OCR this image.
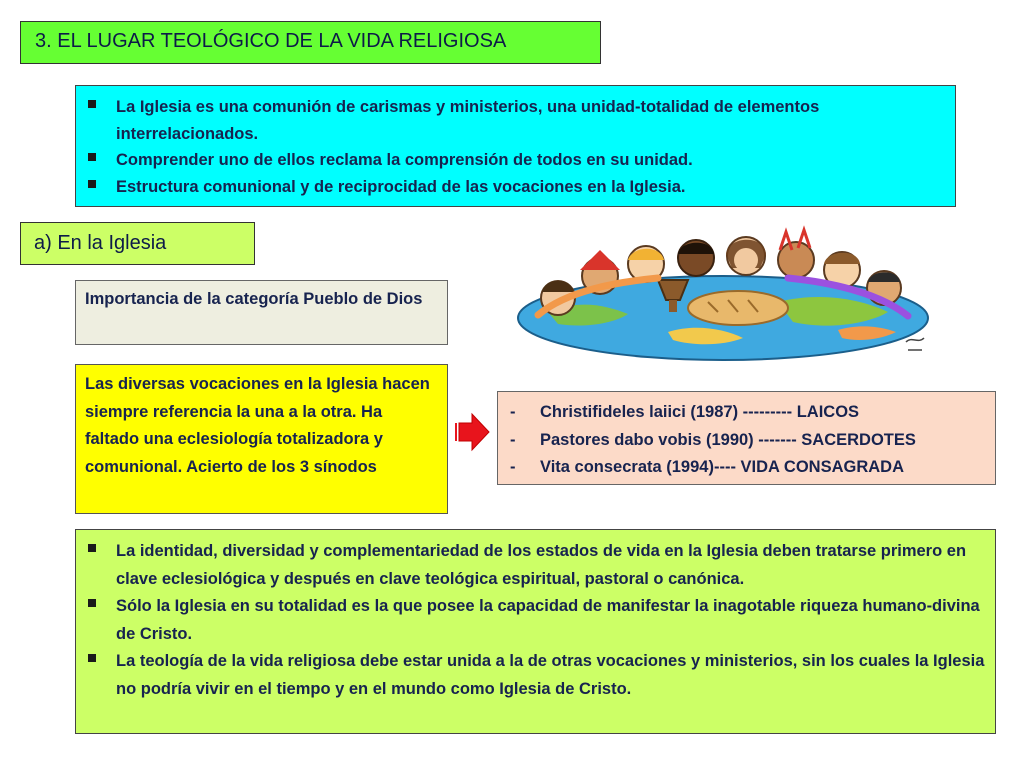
3. EL LUGAR TEOLÓGICO DE LA VIDA RELIGIOSA
La Iglesia es una comunión de carismas y ministerios, una unidad-totalidad de elementos interrelacionados.
Comprender uno de ellos reclama la comprensión de todos en su unidad.
Estructura comunional y de reciprocidad de las vocaciones en la Iglesia.
a) En la Iglesia
Importancia de la categoría Pueblo de Dios
Las diversas vocaciones en la Iglesia hacen siempre referencia la una a la otra. Ha faltado una eclesiología totalizadora y comunional. Acierto de los 3 sínodos
- Christifideles laiici (1987) --------- LAICOS
- Pastores dabo vobis (1990) ------- SACERDOTES
- Vita consecrata (1994)---- VIDA CONSAGRADA
La identidad, diversidad y complementariedad de los estados de vida en la Iglesia deben tratarse primero en clave eclesiológica y después en clave teológica espiritual, pastoral o canónica.
Sólo la Iglesia en su totalidad es la que posee la capacidad de manifestar la inagotable riqueza humano-divina de Cristo.
La teología de la vida religiosa debe estar unida a la de otras vocaciones y ministerios, sin los cuales la Iglesia no podría vivir en el tiempo y en el mundo como Iglesia de Cristo.
